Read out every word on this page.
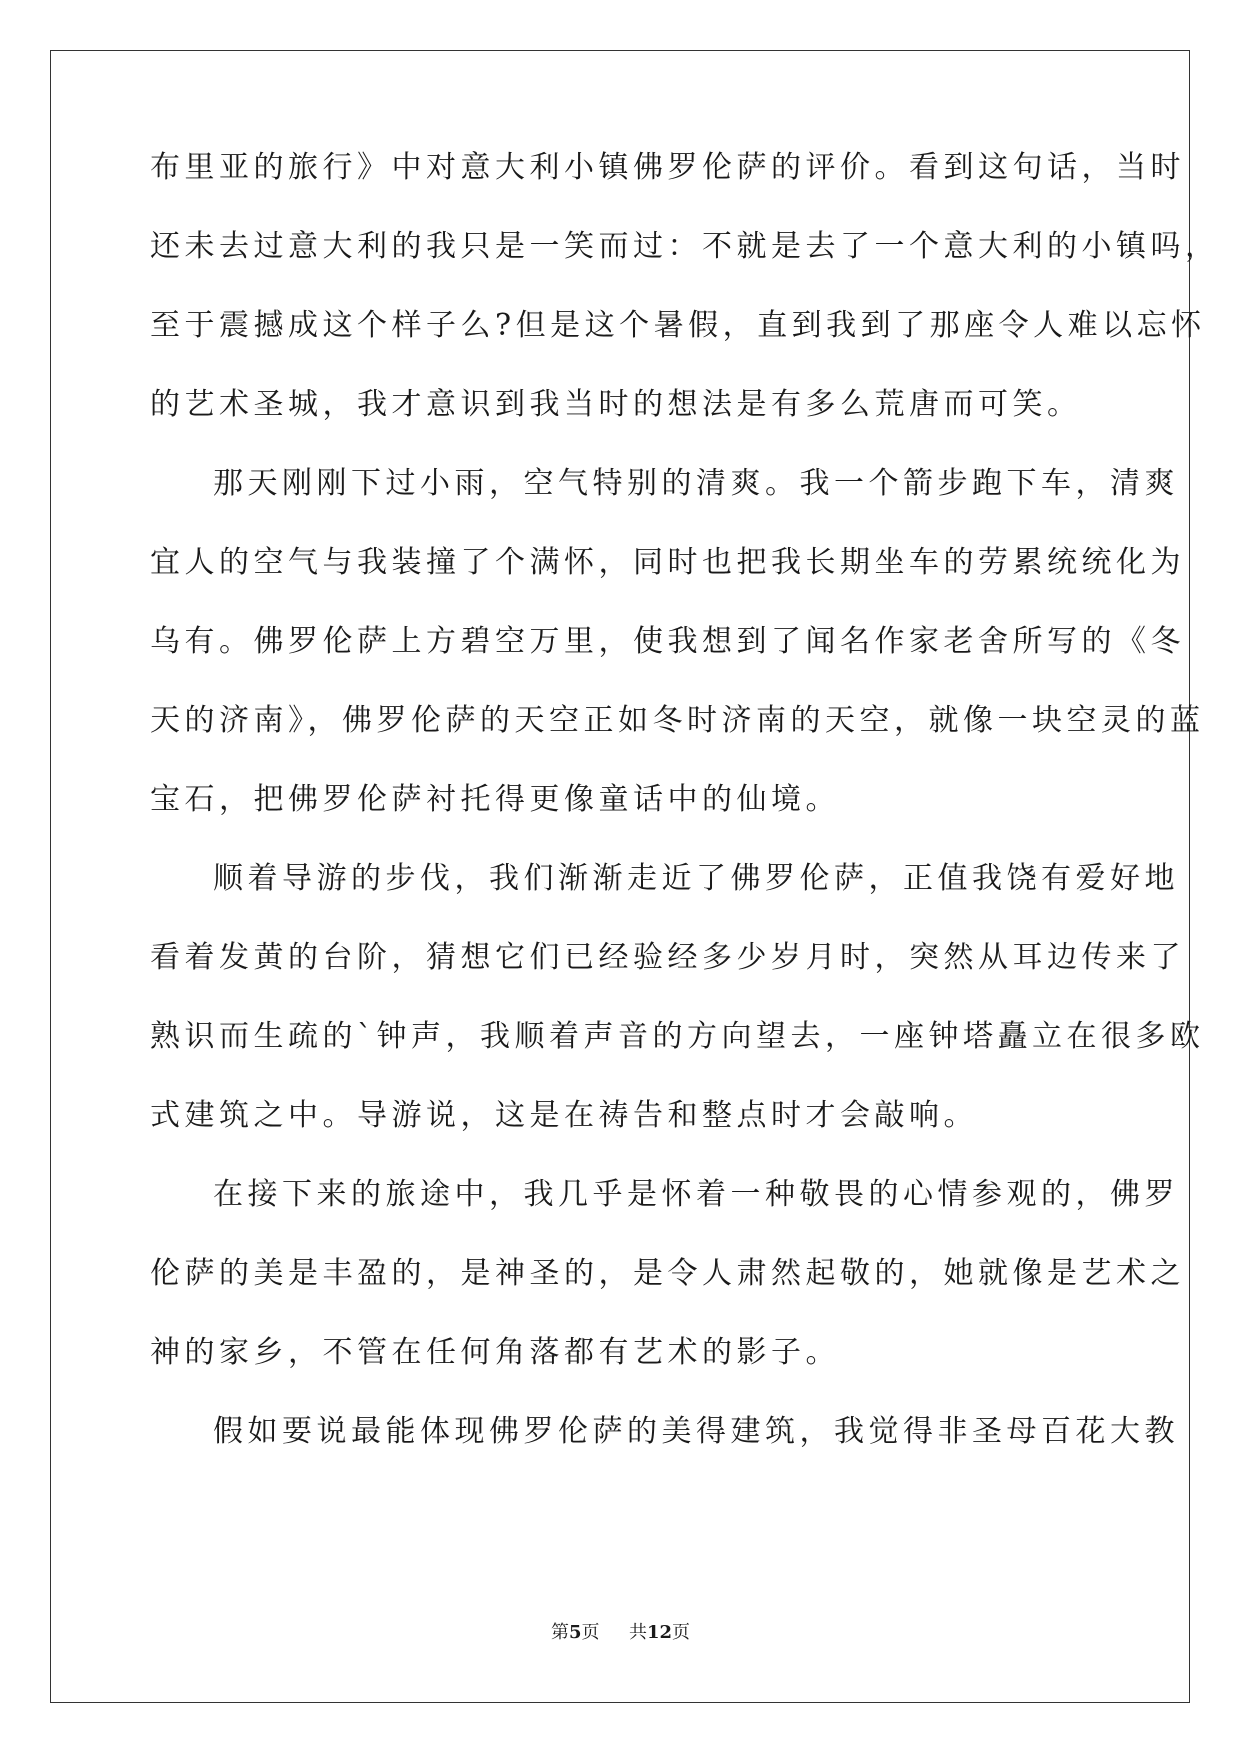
布里亚的旅行》中对意大利小镇佛罗伦萨的评价。看到这句话，当时
还未去过意大利的我只是一笑而过：不就是去了一个意大利的小镇吗，
至于震撼成这个样子么?但是这个暑假，直到我到了那座令人难以忘怀
的艺术圣城，我才意识到我当时的想法是有多么荒唐而可笑。
那天刚刚下过小雨，空气特别的清爽。我一个箭步跑下车，清爽
宜人的空气与我装撞了个满怀，同时也把我长期坐车的劳累统统化为
乌有。佛罗伦萨上方碧空万里，使我想到了闻名作家老舍所写的《冬
天的济南》，佛罗伦萨的天空正如冬时济南的天空，就像一块空灵的蓝
宝石，把佛罗伦萨衬托得更像童话中的仙境。
顺着导游的步伐，我们渐渐走近了佛罗伦萨，正值我饶有爱好地
看着发黄的台阶，猜想它们已经验经多少岁月时，突然从耳边传来了
熟识而生疏的`钟声，我顺着声音的方向望去，一座钟塔矗立在很多欧
式建筑之中。导游说，这是在祷告和整点时才会敲响。
在接下来的旅途中，我几乎是怀着一种敬畏的心情参观的，佛罗
伦萨的美是丰盈的，是神圣的，是令人肃然起敬的，她就像是艺术之
神的家乡，不管在任何角落都有艺术的影子。
假如要说最能体现佛罗伦萨的美得建筑，我觉得非圣母百花大教
第5页 共12页
